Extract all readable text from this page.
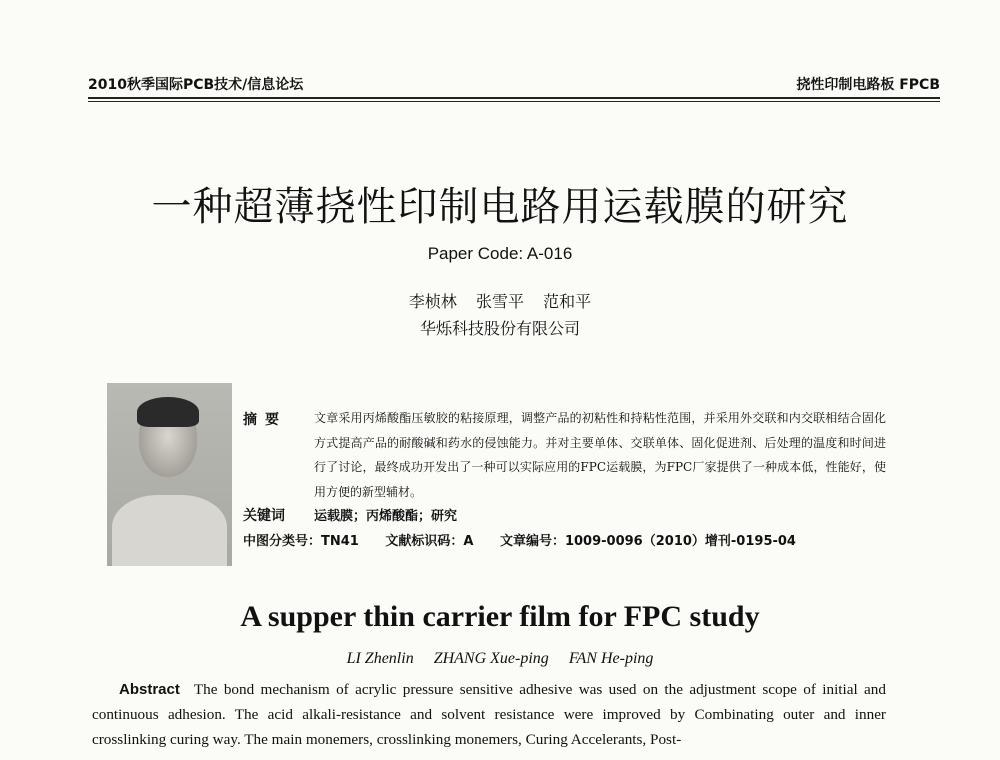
2010秋季国际PCB技术/信息论坛	挠性印制电路板 FPCB
一种超薄挠性印制电路用运载膜的研究
Paper Code: A-016
李桢林 张雪平 范和平
华烁科技股份有限公司
摘要 文章采用丙烯酸酯压敏胶的粘接原理，调整产品的初粘性和持粘性范围，并采用外交联和内交联相结合固化方式提高产品的耐酸碱和药水的侵蚀能力。并对主要单体、交联单体、固化促进剂、后处理的温度和时间进行了讨论，最终成功开发出了一种可以实际应用的FPC运载膜，为FPC厂家提供了一种成本低，性能好，使用方便的新型辅材。
关键词 运载膜；丙烯酸酯；研究
中图分类号：TN41 文献标识码：A 文章编号：1009-0096（2010）增刊-0195-04
A supper thin carrier film for FPC study
LI Zhenlin ZHANG Xue-ping FAN He-ping
Abstract The bond mechanism of acrylic pressure sensitive adhesive was used on the adjustment scope of initial and continuous adhesion. The acid alkali-resistance and solvent resistance were improved by Combinating outer and inner crosslinking curing way. The main monemers, crosslinking monemers, Curing Accelerants, Post-
